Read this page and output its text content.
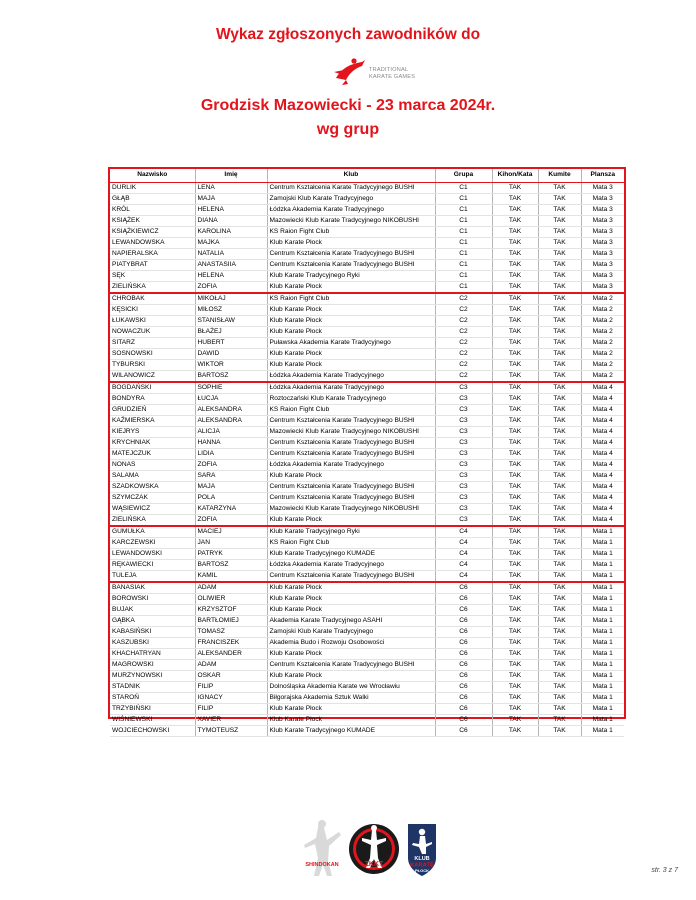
Wykaz zgłoszonych zawodników do
TRADITIONAL
KARATE GAMES
Grodzisk Mazowiecki - 23 marca 2024r.
wg grup
Nazwisko	Imię	Klub	Grupa	Kihon/Kata	Kumite	Plansza
DURLIK	LENA	Centrum Kształcenia Karate Tradycyjnego BUSHI	C1	TAK	TAK	Mata 3
GŁĄB	MAJA	Zamojski Klub Karate Tradycyjnego	C1	TAK	TAK	Mata 3
KRÓL	HELENA	Łódzka Akademia Karate Tradycyjnego	C1	TAK	TAK	Mata 3
KSIĄŻEK	DIANA	Mazowiecki Klub Karate Tradycyjnego NIKOBUSHI	C1	TAK	TAK	Mata 3
KSIĄŻKIEWICZ	KAROLINA	KS Raion Fight Club	C1	TAK	TAK	Mata 3
LEWANDOWSKA	MAJKA	Klub Karate Płock	C1	TAK	TAK	Mata 3
NAPIERALSKA	NATALIA	Centrum Kształcenia Karate Tradycyjnego BUSHI	C1	TAK	TAK	Mata 3
PIATYBRAT	ANASTASIIA	Centrum Kształcenia Karate Tradycyjnego BUSHI	C1	TAK	TAK	Mata 3
SĘK	HELENA	Klub Karate Tradycyjnego Ryki	C1	TAK	TAK	Mata 3
ZIELIŃSKA	ZOFIA	Klub Karate Płock	C1	TAK	TAK	Mata 3
CHROBAK	MIKOŁAJ	KS Raion Fight Club	C2	TAK	TAK	Mata 2
KĘSICKI	MIŁOSZ	Klub Karate Płock	C2	TAK	TAK	Mata 2
ŁUKAWSKI	STANISŁAW	Klub Karate Płock	C2	TAK	TAK	Mata 2
NOWACZUK	BŁAŻEJ	Klub Karate Płock	C2	TAK	TAK	Mata 2
SITARZ	HUBERT	Puławska Akademia Karate Tradycyjnego	C2	TAK	TAK	Mata 2
SOSNOWSKI	DAWID	Klub Karate Płock	C2	TAK	TAK	Mata 2
TYBURSKI	WIKTOR	Klub Karate Płock	C2	TAK	TAK	Mata 2
WILANOWICZ	BARTOSZ	Łódzka Akademia Karate Tradycyjnego	C2	TAK	TAK	Mata 2
BOGDAŃSKI	SOPHIE	Łódzka Akademia Karate Tradycyjnego	C3	TAK	TAK	Mata 4
BONDYRA	ŁUCJA	Roztoczański Klub Karate Tradycyjnego	C3	TAK	TAK	Mata 4
GRUDZIEŃ	ALEKSANDRA	KS Raion Fight Club	C3	TAK	TAK	Mata 4
KAŹMIERSKA	ALEKSANDRA	Centrum Kształcenia Karate Tradycyjnego BUSHI	C3	TAK	TAK	Mata 4
KIEJRYS	ALICJA	Mazowiecki Klub Karate Tradycyjnego NIKOBUSHI	C3	TAK	TAK	Mata 4
KRYCHNIAK	HANNA	Centrum Kształcenia Karate Tradycyjnego BUSHI	C3	TAK	TAK	Mata 4
MATEJCZUK	LIDIA	Centrum Kształcenia Karate Tradycyjnego BUSHI	C3	TAK	TAK	Mata 4
NONAS	ZOFIA	Łódzka Akademia Karate Tradycyjnego	C3	TAK	TAK	Mata 4
SALAMA	SARA	Klub Karate Płock	C3	TAK	TAK	Mata 4
SZADKOWSKA	MAJA	Centrum Kształcenia Karate Tradycyjnego BUSHI	C3	TAK	TAK	Mata 4
SZYMCZAK	POLA	Centrum Kształcenia Karate Tradycyjnego BUSHI	C3	TAK	TAK	Mata 4
WĄSIEWICZ	KATARZYNA	Mazowiecki Klub Karate Tradycyjnego NIKOBUSHI	C3	TAK	TAK	Mata 4
ZIELIŃSKA	ZOFIA	Klub Karate Płock	C3	TAK	TAK	Mata 4
GUMUŁKA	MACIEJ	Klub Karate Tradycyjnego Ryki	C4	TAK	TAK	Mata 1
KARCZEWSKI	JAN	KS Raion Fight Club	C4	TAK	TAK	Mata 1
LEWANDOWSKI	PATRYK	Klub Karate Tradycyjnego KUMADE	C4	TAK	TAK	Mata 1
RĘKAWIECKI	BARTOSZ	Łódzka Akademia Karate Tradycyjnego	C4	TAK	TAK	Mata 1
TULEJA	KAMIL	Centrum Kształcenia Karate Tradycyjnego BUSHI	C4	TAK	TAK	Mata 1
BANASIAK	ADAM	Klub Karate Płock	C6	TAK	TAK	Mata 1
BOROWSKI	OLIWIER	Klub Karate Płock	C6	TAK	TAK	Mata 1
BUJAK	KRZYSZTOF	Klub Karate Płock	C6	TAK	TAK	Mata 1
GĄBKA	BARTŁOMIEJ	Akademia Karate Tradycyjnego ASAHI	C6	TAK	TAK	Mata 1
KABASIŃSKI	TOMASZ	Zamojski Klub Karate Tradycyjnego	C6	TAK	TAK	Mata 1
KASZUBSKI	FRANCISZEK	Akademia Budo i Rozwoju Osobowości	C6	TAK	TAK	Mata 1
KHACHATRYAN	ALEKSANDER	Klub Karate Płock	C6	TAK	TAK	Mata 1
MAGROWSKI	ADAM	Centrum Kształcenia Karate Tradycyjnego BUSHI	C6	TAK	TAK	Mata 1
MURZYNOWSKI	OSKAR	Klub Karate Płock	C6	TAK	TAK	Mata 1
STADNIK	FILIP	Dolnośląska Akademia Karate we Wrocławiu	C6	TAK	TAK	Mata 1
STAROŃ	IGNACY	Biłgorajska Akademia Sztuk Walki	C6	TAK	TAK	Mata 1
TRZYBIŃSKI	FILIP	Klub Karate Płock	C6	TAK	TAK	Mata 1
WIŚNIEWSKI	XAVIER	Klub Karate Płock	C6	TAK	TAK	Mata 1
WOJCIECHOWSKI	TYMOTEUSZ	Klub Karate Tradycyjnego KUMADE	C6	TAK	TAK	Mata 1
SHINDOKAN	ZKKT
KLUB
KARATE
PŁOCK	str. 3 z 7
